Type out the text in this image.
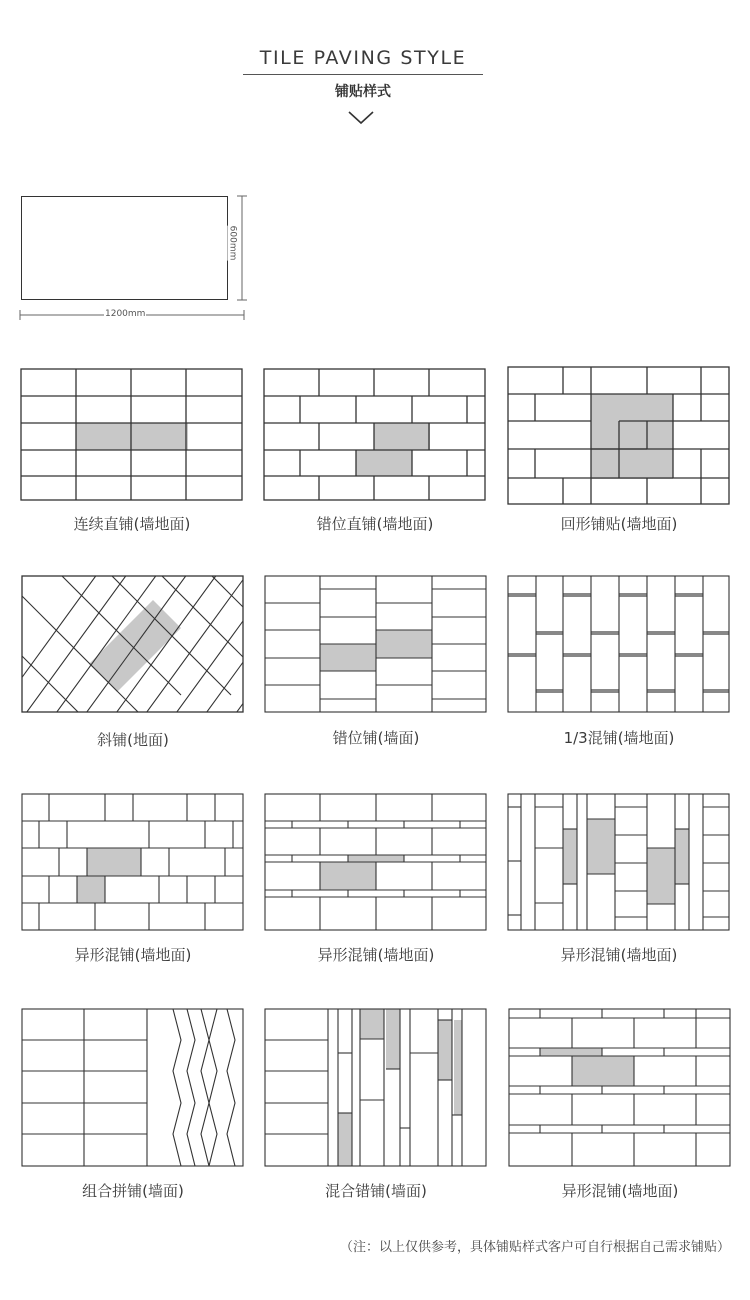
TILE PAVING STYLE
铺贴样式
600mm
1200mm
连续直铺(墙地面)	错位直铺(墙地面)	回形铺贴(墙地面)
斜铺(地面)	错位铺(墙面)	1/3混铺(墙地面)
异形混铺(墙地面)	异形混铺(墙地面)	异形混铺(墙地面)
组合拼铺(墙面)	混合错铺(墙面)	异形混铺(墙地面)
（注：以上仅供参考，具体铺贴样式客户可自行根据自己需求铺贴）
